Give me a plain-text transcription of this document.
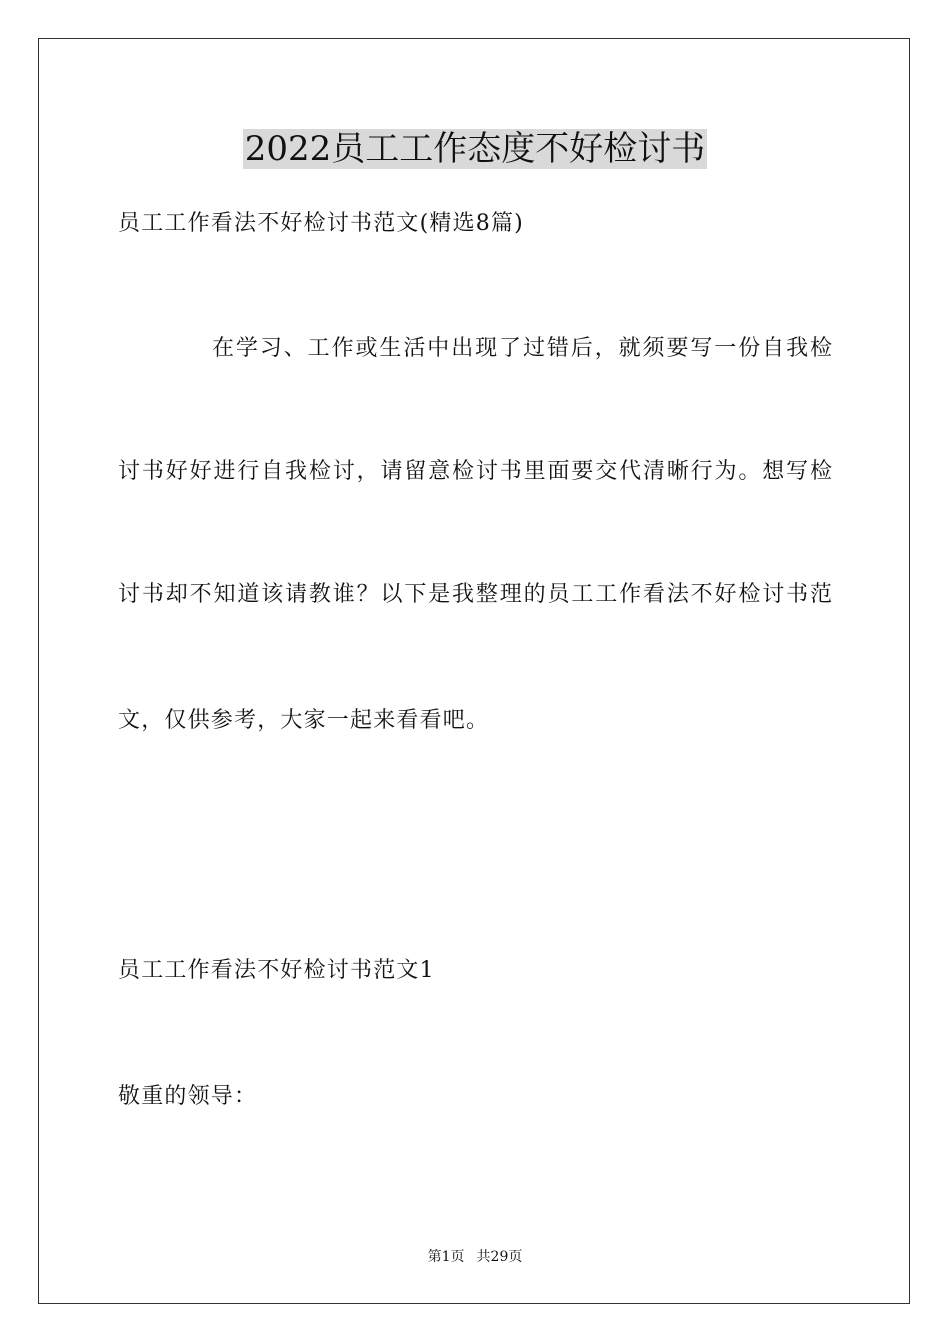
2022员工工作态度不好检讨书

员工工作看法不好检讨书范文(精选8篇)

在学习、工作或生活中出现了过错后，就须要写一份自我检

讨书好好进行自我检讨，请留意检讨书里面要交代清晰行为。想写检

讨书却不知道该请教谁？以下是我整理的员工工作看法不好检讨书范

文，仅供参考，大家一起来看看吧。

员工工作看法不好检讨书范文1

敬重的领导：

第1页 共29页
